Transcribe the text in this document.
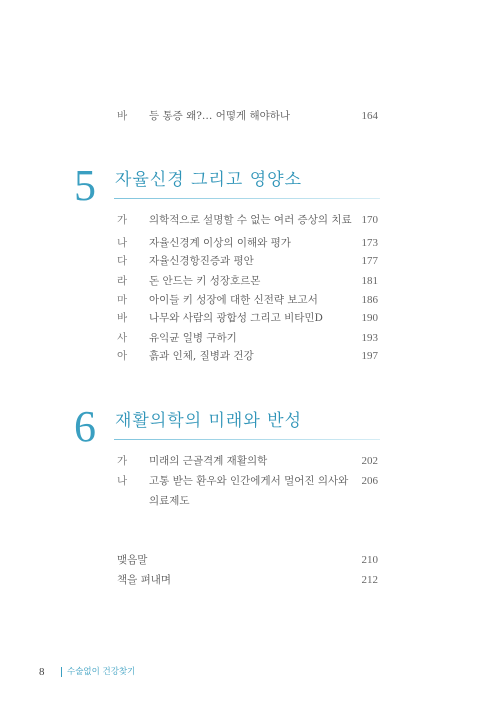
바 등 통증 왜?… 어떻게 해야하나	164
5 자율신경 그리고 영양소
가 의학적으로 설명할 수 없는 여러 증상의 치료 170
나 자율신경계 이상의 이해와 평가	173
다 자율신경항진증과 평안	177
라 돈 안드는 키 성장호르몬	181
마 아이들 키 성장에 대한 신전략 보고서	186
바 나무와 사람의 광합성 그리고 비타민D	190
사 유익균 일병 구하기	193
아 흙과 인체, 질병과 건강	197
6 재활의학의 미래와 반성
가 미래의 근골격계 재활의학	202
나 고통 받는 환우와 인간에게서 멀어진 의사와 206
의료제도
맺음말	210
책을 펴내며	212
8	수술없이 건강찾기
